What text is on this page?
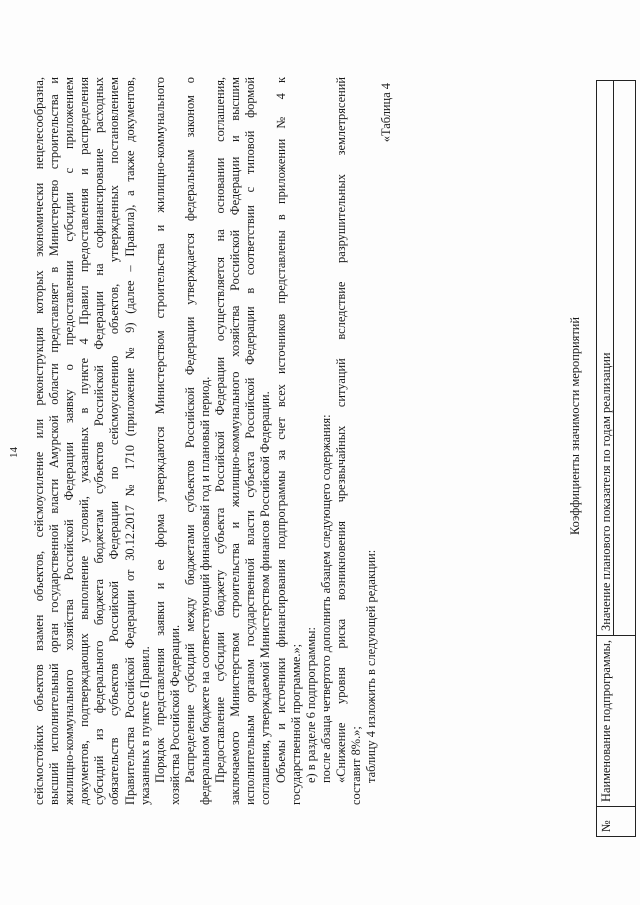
14 сейсмостойких объектов взамен объектов, сейсмоусиление или реконструкция которых экономически нецелесообразна, высший исполнительный орган государственной власти Амурской области представляет в Министерство строительства и жилищно-коммунального хозяйства Российской Федерации заявку о предоставлении субсидии с приложением документов, подтверждающих выполнение условий, указанных в пункте 4 Правил предоставления и распределения субсидий из федерального бюджета бюджетам субъектов Российской Федерации на софинансирование расходных обязательств субъектов Российской Федерации по сейсмоусилению объектов, утвержденных постановлением Правительства Российской Федерации от 30.12.2017 № 1710 (приложение № 9) (далее – Правила), а также документов, указанных в пункте 6 Правил. Порядок представления заявки и ее форма утверждаются Министерством строительства и жилищно-коммунального хозяйства Российской Федерации. Распределение субсидий между бюджетами субъектов Российской Федерации утверждается федеральным законом о федеральном бюджете на соответствующий финансовый год и плановый период. Предоставление субсидии бюджету субъекта Российской Федерации осуществляется на основании соглашения, заключаемого Министерством строительства и жилищно-коммунального хозяйства Российской Федерации и высшим исполнительным органом государственной власти субъекта Российской Федерации в соответствии с типовой формой соглашения, утверждаемой Министерством финансов Российской Федерации. Объемы и источники финансирования подпрограммы за счет всех источников представлены в приложении № 4 к государственной программе.»; е) в разделе 6 подпрограммы: после абзаца четвертого дополнить абзацем следующего содержания: «Снижение уровня риска возникновения чрезвычайных ситуаций вследствие разрушительных землетрясений составит 8%.»; таблицу 4 изложить в следующей редакции:
«Таблица 4
Коэффициенты значимости мероприятий
№
Наименование подпрограммы,
Значение планового показателя по годам реализации
